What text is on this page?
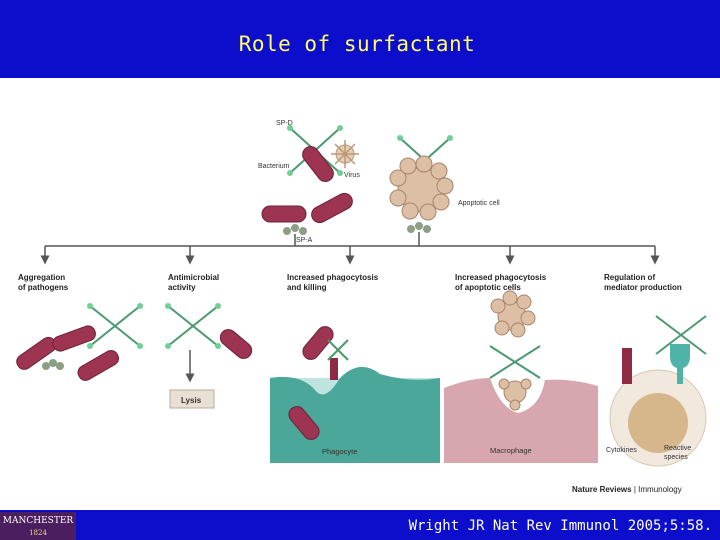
Role of surfactant
SP-D
Bacterium
Virus
Apoptotic cell
SP-A
Lysis
Phagocyte	Macrophage	Cytokines	Reactive species
Aggregation
of pathogens
Antimicrobial
activity
Increased phagocytosis
and killing
Increased phagocytosis
of apoptotic cells
Regulation of
mediator production
Nature Reviews | Immunology
MANCHESTER
1824	Wright JR Nat Rev Immunol 2005;5:58.
